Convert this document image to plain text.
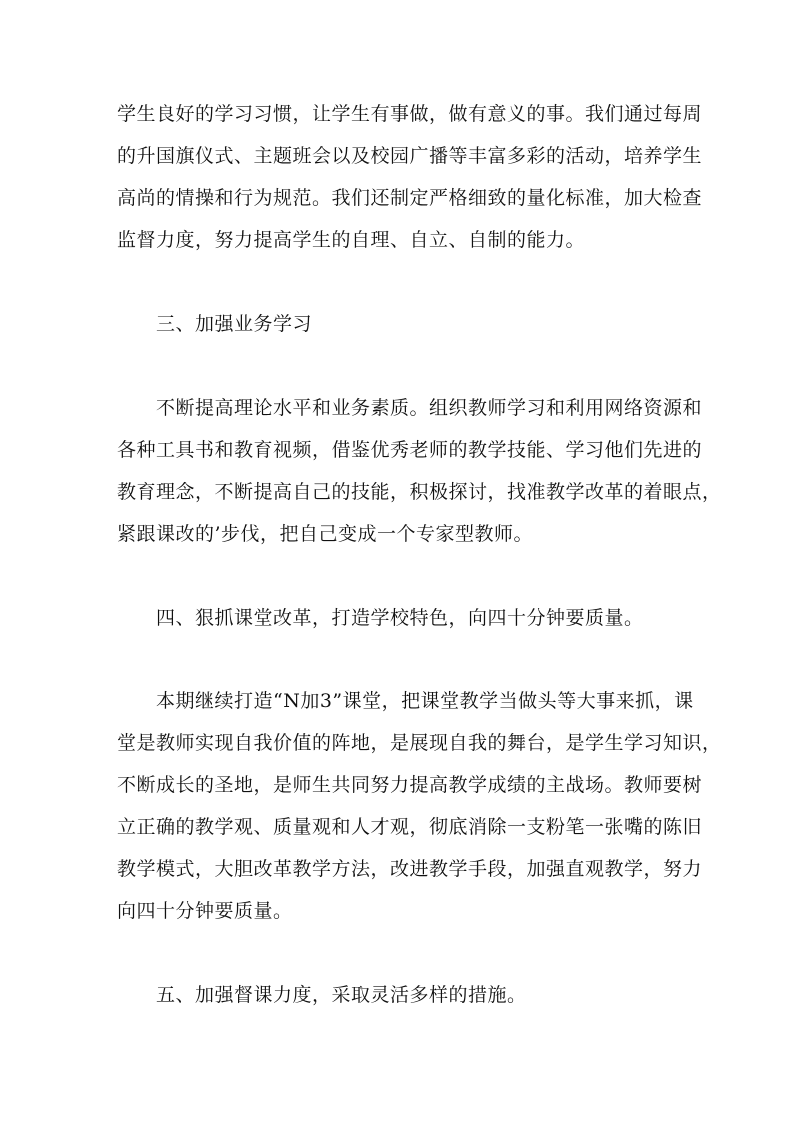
学生良好的学习习惯，让学生有事做，做有意义的事。我们通过每周
的升国旗仪式、主题班会以及校园广播等丰富多彩的活动，培养学生
高尚的情操和行为规范。我们还制定严格细致的量化标准，加大检查
监督力度，努力提高学生的自理、自立、自制的能力。
三、加强业务学习
不断提高理论水平和业务素质。组织教师学习和利用网络资源和
各种工具书和教育视频，借鉴优秀老师的教学技能、学习他们先进的
教育理念，不断提高自己的技能，积极探讨，找准教学改革的着眼点，
紧跟课改的’步伐，把自己变成一个专家型教师。
四、狠抓课堂改革，打造学校特色，向四十分钟要质量。
本期继续打造“N加3”课堂，把课堂教学当做头等大事来抓，课
堂是教师实现自我价值的阵地，是展现自我的舞台，是学生学习知识，
不断成长的圣地，是师生共同努力提高教学成绩的主战场。教师要树
立正确的教学观、质量观和人才观，彻底消除一支粉笔一张嘴的陈旧
教学模式，大胆改革教学方法，改进教学手段，加强直观教学，努力
向四十分钟要质量。
五、加强督课力度，采取灵活多样的措施。
